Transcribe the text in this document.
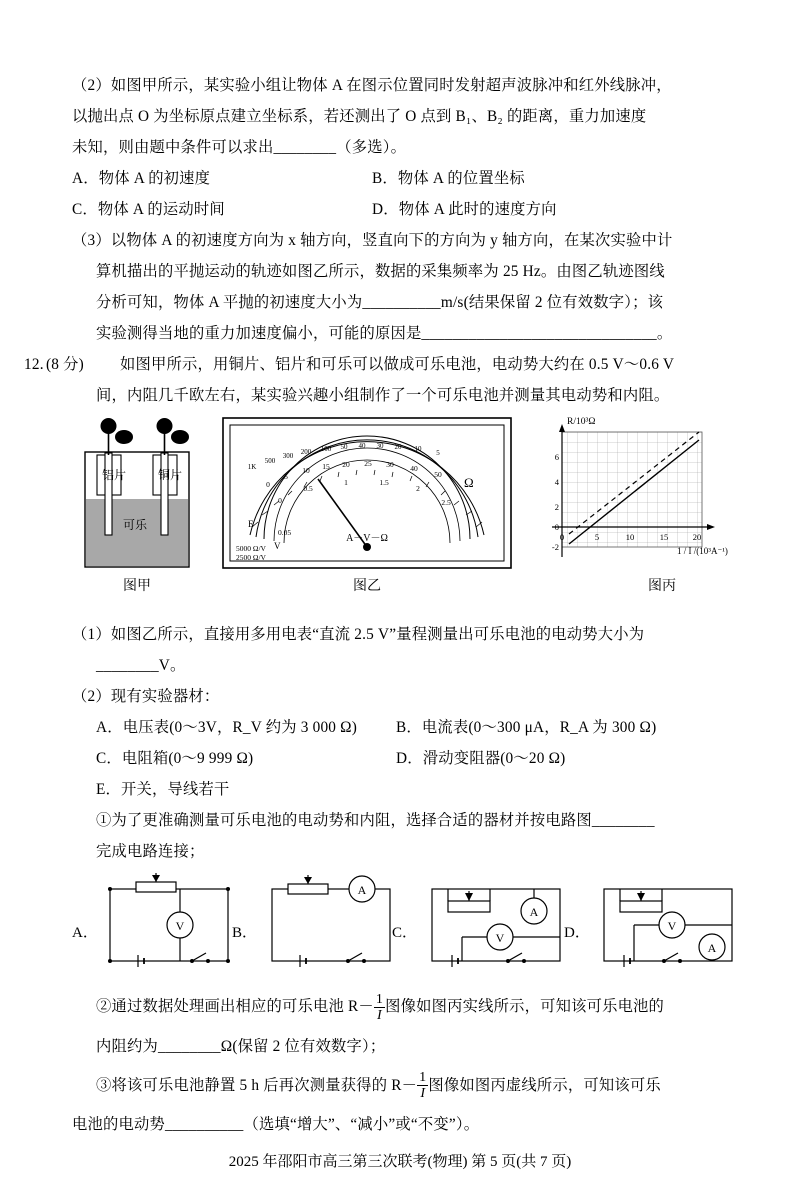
（2）如图甲所示，某实验小组让物体 A 在图示位置同时发射超声波脉冲和红外线脉冲，
以抛出点 O 为坐标原点建立坐标系，若还测出了 O 点到 B₁、B₂ 的距离，重力加速度
未知，则由题中条件可以求出________（多选）。
A．物体 A 的初速度	B．物体 A 的位置坐标
C．物体 A 的运动时间	D．物体 A 此时的速度方向
（3）以物体 A 的初速度方向为 x 轴方向，竖直向下的方向为 y 轴方向，在某次实验中计
算机描出的平抛运动的轨迹如图乙所示，数据的采集频率为 25 Hz。由图乙轨迹图线
分析可知，物体 A 平抛的初速度大小为__________m/s(结果保留 2 位有效数字）；该
实验测得当地的重力加速度偏小，可能的原因是______________________________。
12. (8 分) 如图甲所示，用铜片、铝片和可乐可以做成可乐电池，电动势大约在 0.5 V～0.6 V
间，内阻几千欧左右，某实验兴趣小组制作了一个可乐电池并测量其电动势和内阻。
铝片	铜片
可乐
图甲
1K
500
300 200 100 50 40 30 20 10 5
0
5
10 15 20 25 30 40
50
0
0.5
1	1.5
2
2.5
Ω
E
0.05
A－V－Ω
5000 Ω/V
2500 Ω/V
V
图乙
-2
0
2
4
6
0	5	10	15	20
R/10³Ω
1 / I /(10³A⁻¹)
图丙
（1）如图乙所示，直接用多用电表“直流 2.5 V”量程测量出可乐电池的电动势大小为
________V。
（2）现有实验器材：
A．电压表(0～3V，R_V 约为 3 000 Ω)	B．电流表(0～300 μA，R_A 为 300 Ω)
C．电阻箱(0～9 999 Ω)	D．滑动变阻器(0～20 Ω)
E．开关，导线若干
①为了更准确测量可乐电池的电动势和内阻，选择合适的器材并按电路图________
完成电路连接；
A．	V	B．
A
C．
A
V	D．	V
A
②通过数据处理画出相应的可乐电池 $R- \frac{1}{I}$ 图像如图丙实线所示，可知该可乐电池的
内阻约为________Ω(保留 2 位有效数字）；
③将该可乐电池静置 5 h 后再次测量获得的 $R- \frac{1}{I}$ 图像如图丙虚线所示，可知该可乐
电池的电动势__________（选填“增大”、“减小”或“不变”）。
2025 年邵阳市高三第三次联考(物理) 第 5 页(共 7 页)
